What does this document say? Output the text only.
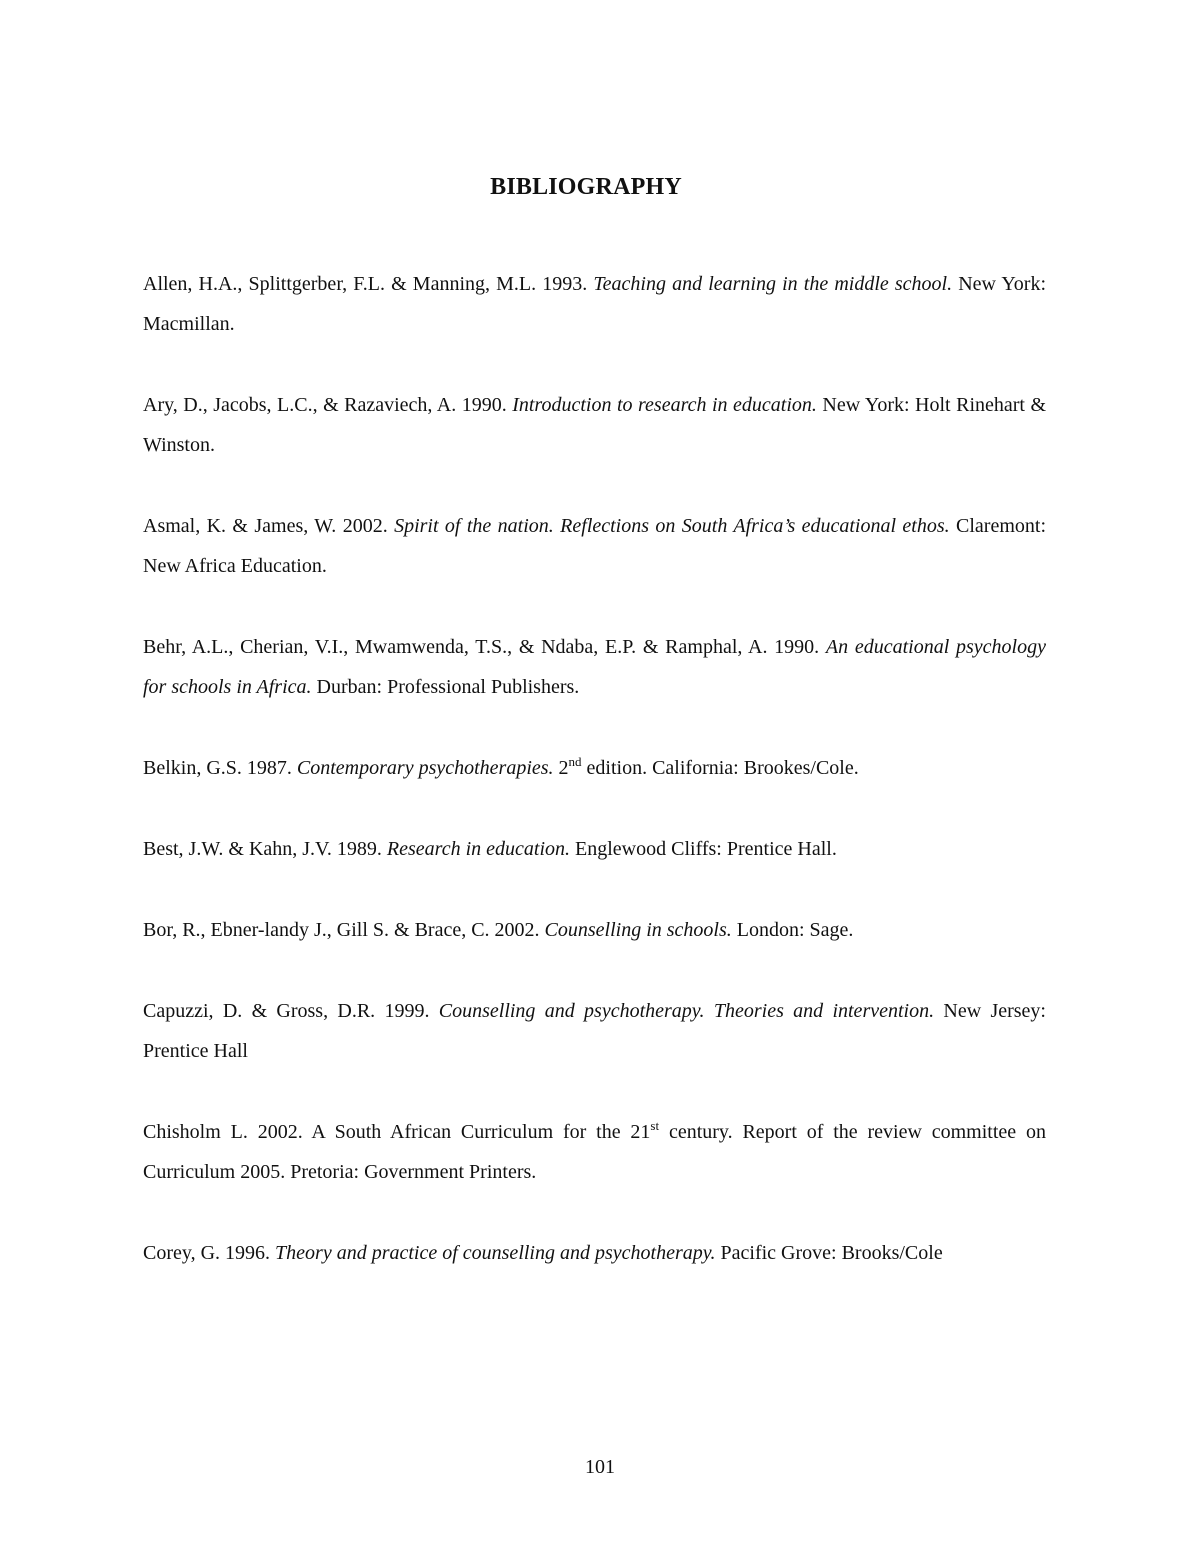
BIBLIOGRAPHY

Allen, H.A., Splittgerber, F.L. & Manning, M.L. 1993. Teaching and learning in the middle school. New York: Macmillan.

Ary, D., Jacobs, L.C., & Razaviech, A. 1990. Introduction to research in education. New York: Holt Rinehart & Winston.

Asmal, K. & James, W. 2002. Spirit of the nation. Reflections on South Africa’s educational ethos. Claremont: New Africa Education.

Behr, A.L., Cherian, V.I., Mwamwenda, T.S., & Ndaba, E.P. & Ramphal, A. 1990. An educational psychology for schools in Africa. Durban: Professional Publishers.

Belkin, G.S. 1987. Contemporary psychotherapies. 2nd edition. California: Brookes/Cole.

Best, J.W. & Kahn, J.V. 1989. Research in education. Englewood Cliffs: Prentice Hall.

Bor, R., Ebner-landy J., Gill S. & Brace, C. 2002. Counselling in schools. London: Sage.

Capuzzi, D. & Gross, D.R. 1999. Counselling and psychotherapy. Theories and intervention. New Jersey: Prentice Hall

Chisholm L. 2002. A South African Curriculum for the 21st century. Report of the review committee on Curriculum 2005. Pretoria: Government Printers.

Corey, G. 1996. Theory and practice of counselling and psychotherapy. Pacific Grove: Brooks/Cole

101
